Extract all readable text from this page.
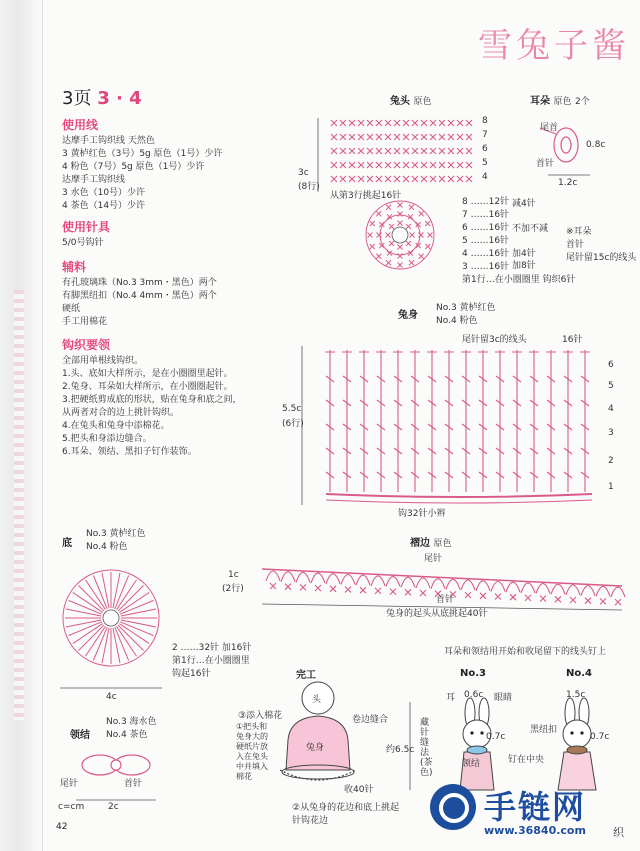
雪兔子酱
3页 3 · 4
使用线
达摩手工钩织线 天然色
3 黄栌红色（3号）5g 原色（1号）少许
4 粉色（7号）5g 原色（1号）少许
达摩手工钩织线
3 水色（10号）少许
4 茶色（14号）少许
使用针具
5/0号钩针
辅料
有孔玻璃珠（No.3 3mm・黑色）两个
有脚黑纽扣（No.4 4mm・黑色）两个
硬纸
手工用棉花
钩织要领
全部用单根线钩织。
1.头、底如大样所示，是在小圈圈里起针。
2.兔身、耳朵如大样所示，在小圈圈起针。
3.把硬纸剪成底的形状，贴在兔身和底之间，
从两者对合的边上挑针钩织。
4.在兔头和兔身中添棉花。
5.把头和身添边缝合。
6.耳朵、领结、黑扣子钉作装饰。
兔头 原色
8
7
6
5
4
3c
(8行)
从第3行挑起16针
耳朵 原色 2个
尾首
首针
0.8c
1.2c
8 ……12针
7 ……16针
6 ……16针
5 ……16针
4 ……16针
3 ……16针
第1行…在小圈圈里 钩织6针
减4针
不加不减
加4针
加8针
※耳朵
首针
尾针留15c的线头
兔身
No.3 黄栌红色
No.4 粉色
尾针留3c的线头	16针
5.5c
(6行)
6
5
4
3
2
1
钩32针小辫
底
No.3 黄栌红色
No.4 粉色
4c
2 ……32针 加16针
第1行…在小圈圈里
钩起16针
褶边 原色
尾针
首针
1c
(2行)
兔身的起头从底挑起40针
耳朵和领结用开始和收尾留下的线头钉上
领结
No.3 海水色
No.4 茶色
尾针	首针
2c
c=cm
完工
③添入棉花
①把头和兔身大的硬纸片放入在兔头中并填入棉花
②从兔身的花边和底上挑起针钩花边
头
兔身
卷边缝合
收40针
No.3
耳 0.6c 眼睛
0.7c
领结
藏针缝法 (茶色)
No.4
1.5c
黑纽扣
0.7c
钉在中央
约6.5c
42
手链网
www.36840.com 织
